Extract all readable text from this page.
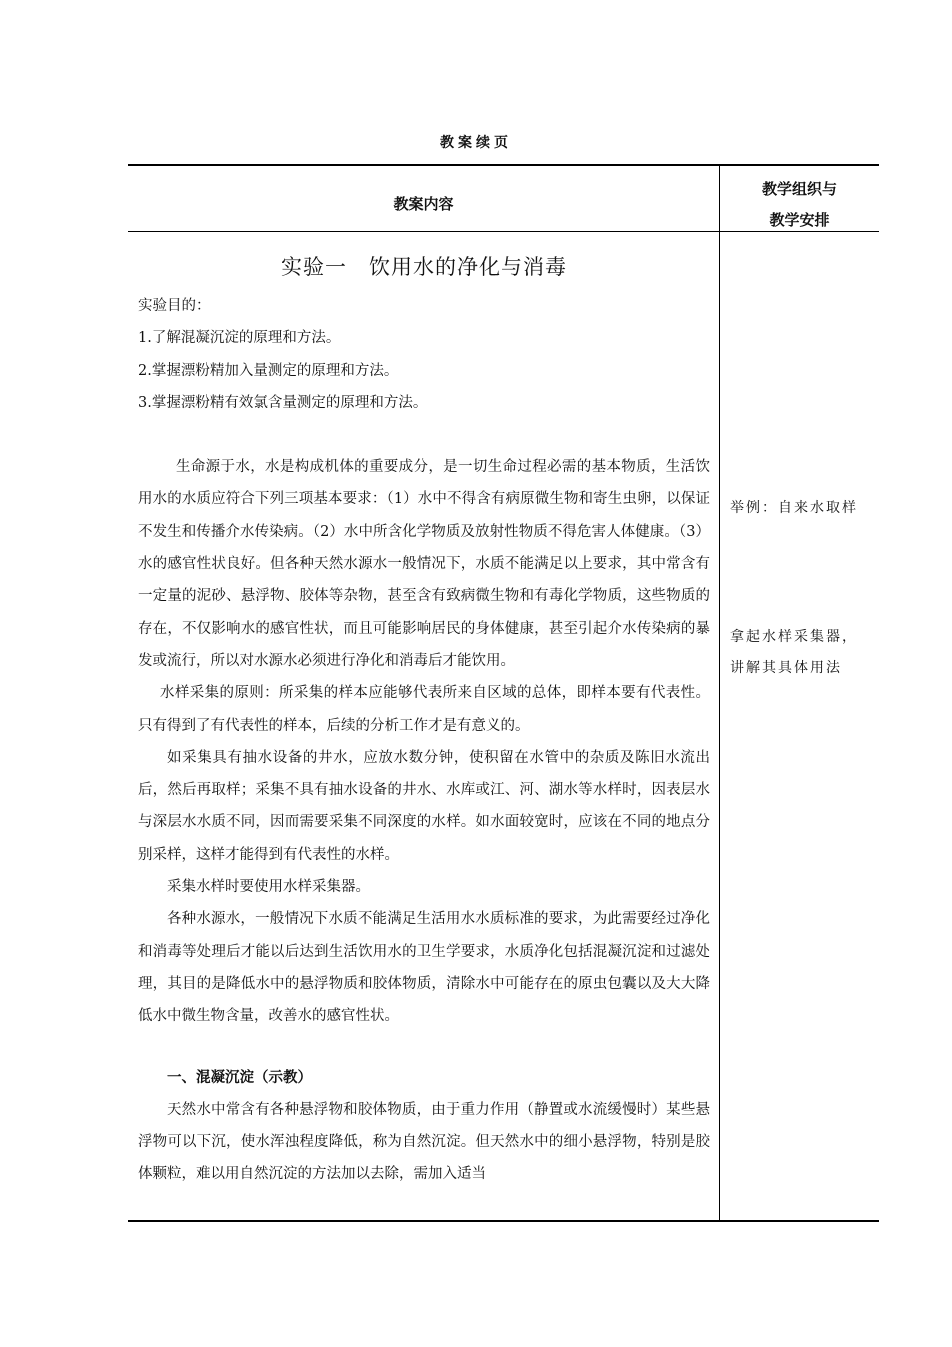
教案续页
教案内容
教学组织与
教学安排
实验一 饮用水的净化与消毒
实验目的：
1.了解混凝沉淀的原理和方法。
2.掌握漂粉精加入量测定的原理和方法。
3.掌握漂粉精有效氯含量测定的原理和方法。

生命源于水，水是构成机体的重要成分，是一切生命过程必需的基本物质，生活饮用水的水质应符合下列三项基本要求：（1）水中不得含有病原微生物和寄生虫卵，以保证不发生和传播介水传染病。（2）水中所含化学物质及放射性物质不得危害人体健康。（3）水的感官性状良好。但各种天然水源水一般情况下，水质不能满足以上要求，其中常含有一定量的泥砂、悬浮物、胶体等杂物，甚至含有致病微生物和有毒化学物质，这些物质的存在，不仅影响水的感官性状，而且可能影响居民的身体健康，甚至引起介水传染病的暴发或流行，所以对水源水必须进行净化和消毒后才能饮用。

水样采集的原则：所采集的样本应能够代表所来自区域的总体，即样本要有代表性。只有得到了有代表性的样本，后续的分析工作才是有意义的。

如采集具有抽水设备的井水，应放水数分钟，使积留在水管中的杂质及陈旧水流出后，然后再取样；采集不具有抽水设备的井水、水库或江、河、湖水等水样时，因表层水与深层水水质不同，因而需要采集不同深度的水样。如水面较宽时，应该在不同的地点分别采样，这样才能得到有代表性的水样。

采集水样时要使用水样采集器。

各种水源水，一般情况下水质不能满足生活用水水质标准的要求，为此需要经过净化和消毒等处理后才能以后达到生活饮用水的卫生学要求，水质净化包括混凝沉淀和过滤处理，其目的是降低水中的悬浮物质和胶体物质，清除水中可能存在的原虫包囊以及大大降低水中微生物含量，改善水的感官性状。

一、混凝沉淀（示教）

天然水中常含有各种悬浮物和胶体物质，由于重力作用（静置或水流缓慢时）某些悬浮物可以下沉，使水浑浊程度降低，称为自然沉淀。但天然水中的细小悬浮物，特别是胶体颗粒，难以用自然沉淀的方法加以去除，需加入适当

举例：自来水取样
拿起水样采集器，
讲解其具体用法
